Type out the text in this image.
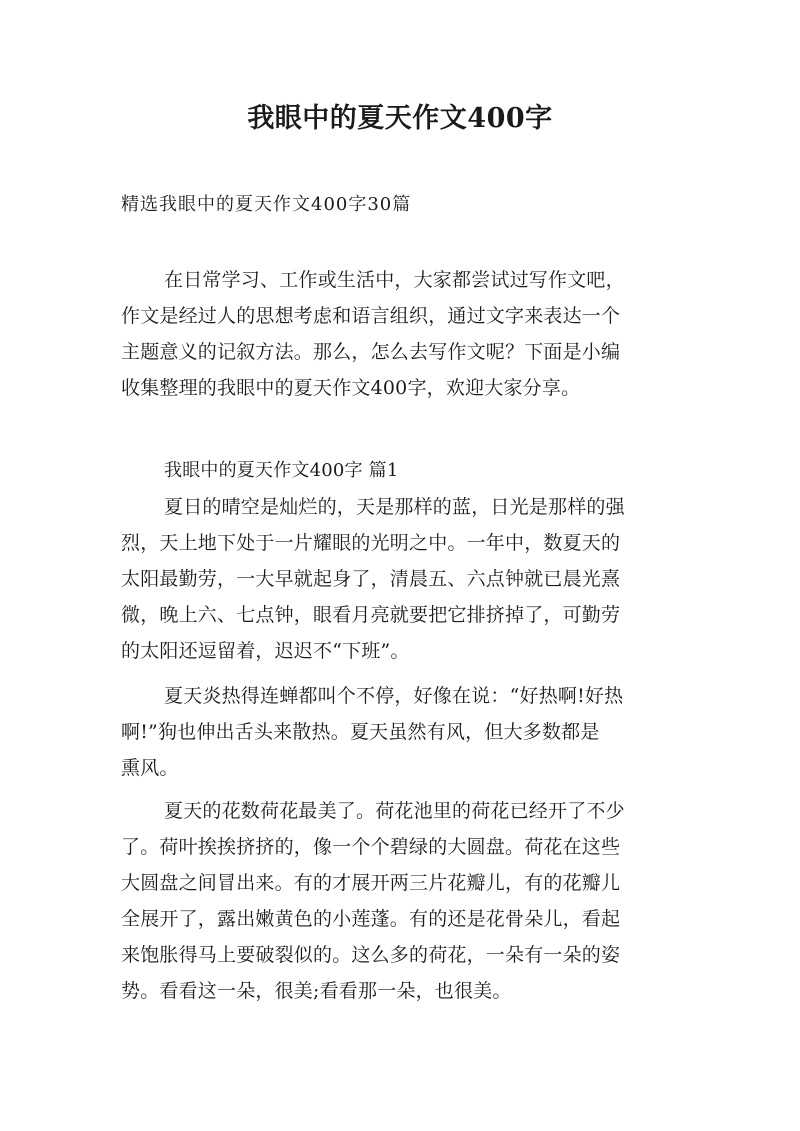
我眼中的夏天作文400字
精选我眼中的夏天作文400字30篇
在日常学习、工作或生活中，大家都尝试过写作文吧，
作文是经过人的思想考虑和语言组织，通过文字来表达一个
主题意义的记叙方法。那么，怎么去写作文呢？下面是小编
收集整理的我眼中的夏天作文400字，欢迎大家分享。
我眼中的夏天作文400字 篇1
夏日的晴空是灿烂的，天是那样的蓝，日光是那样的强
烈，天上地下处于一片耀眼的光明之中。一年中，数夏天的
太阳最勤劳，一大早就起身了，清晨五、六点钟就已晨光熹
微，晚上六、七点钟，眼看月亮就要把它排挤掉了，可勤劳
的太阳还逗留着，迟迟不“下班”。
夏天炎热得连蝉都叫个不停，好像在说：“好热啊!好热
啊!”狗也伸出舌头来散热。夏天虽然有风，但大多数都是
熏风。
夏天的花数荷花最美了。荷花池里的荷花已经开了不少
了。荷叶挨挨挤挤的，像一个个碧绿的大圆盘。荷花在这些
大圆盘之间冒出来。有的才展开两三片花瓣儿，有的花瓣儿
全展开了，露出嫩黄色的小莲蓬。有的还是花骨朵儿，看起
来饱胀得马上要破裂似的。这么多的荷花，一朵有一朵的姿
势。看看这一朵，很美;看看那一朵，也很美。
